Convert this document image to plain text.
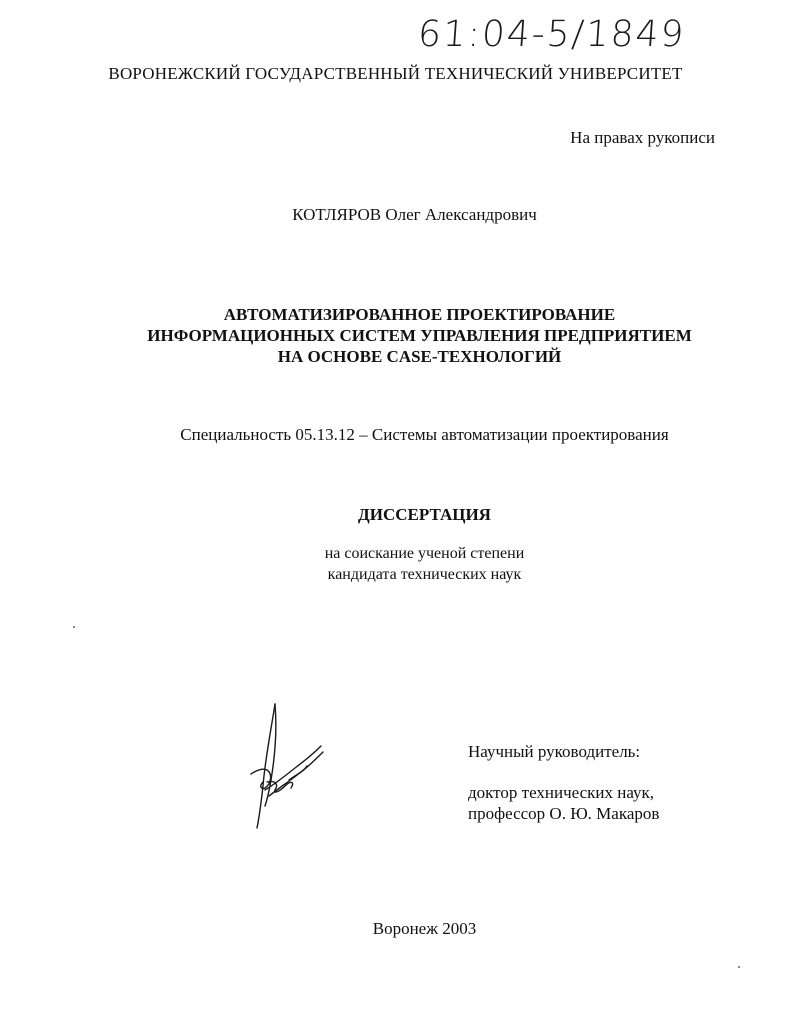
61:04-5/1849
ВОРОНЕЖСКИЙ ГОСУДАРСТВЕННЫЙ ТЕХНИЧЕСКИЙ УНИВЕРСИТЕТ
На правах рукописи
КОТЛЯРОВ Олег Александрович
АВТОМАТИЗИРОВАННОЕ ПРОЕКТИРОВАНИЕ
ИНФОРМАЦИОННЫХ СИСТЕМ УПРАВЛЕНИЯ ПРЕДПРИЯТИЕМ
НА ОСНОВЕ CASE-ТЕХНОЛОГИЙ
Специальность 05.13.12 – Системы автоматизации проектирования
ДИССЕРТАЦИЯ
на соискание ученой степени
кандидата технических наук
Научный руководитель:
доктор технических наук,
профессор О. Ю. Макаров
Воронеж 2003
